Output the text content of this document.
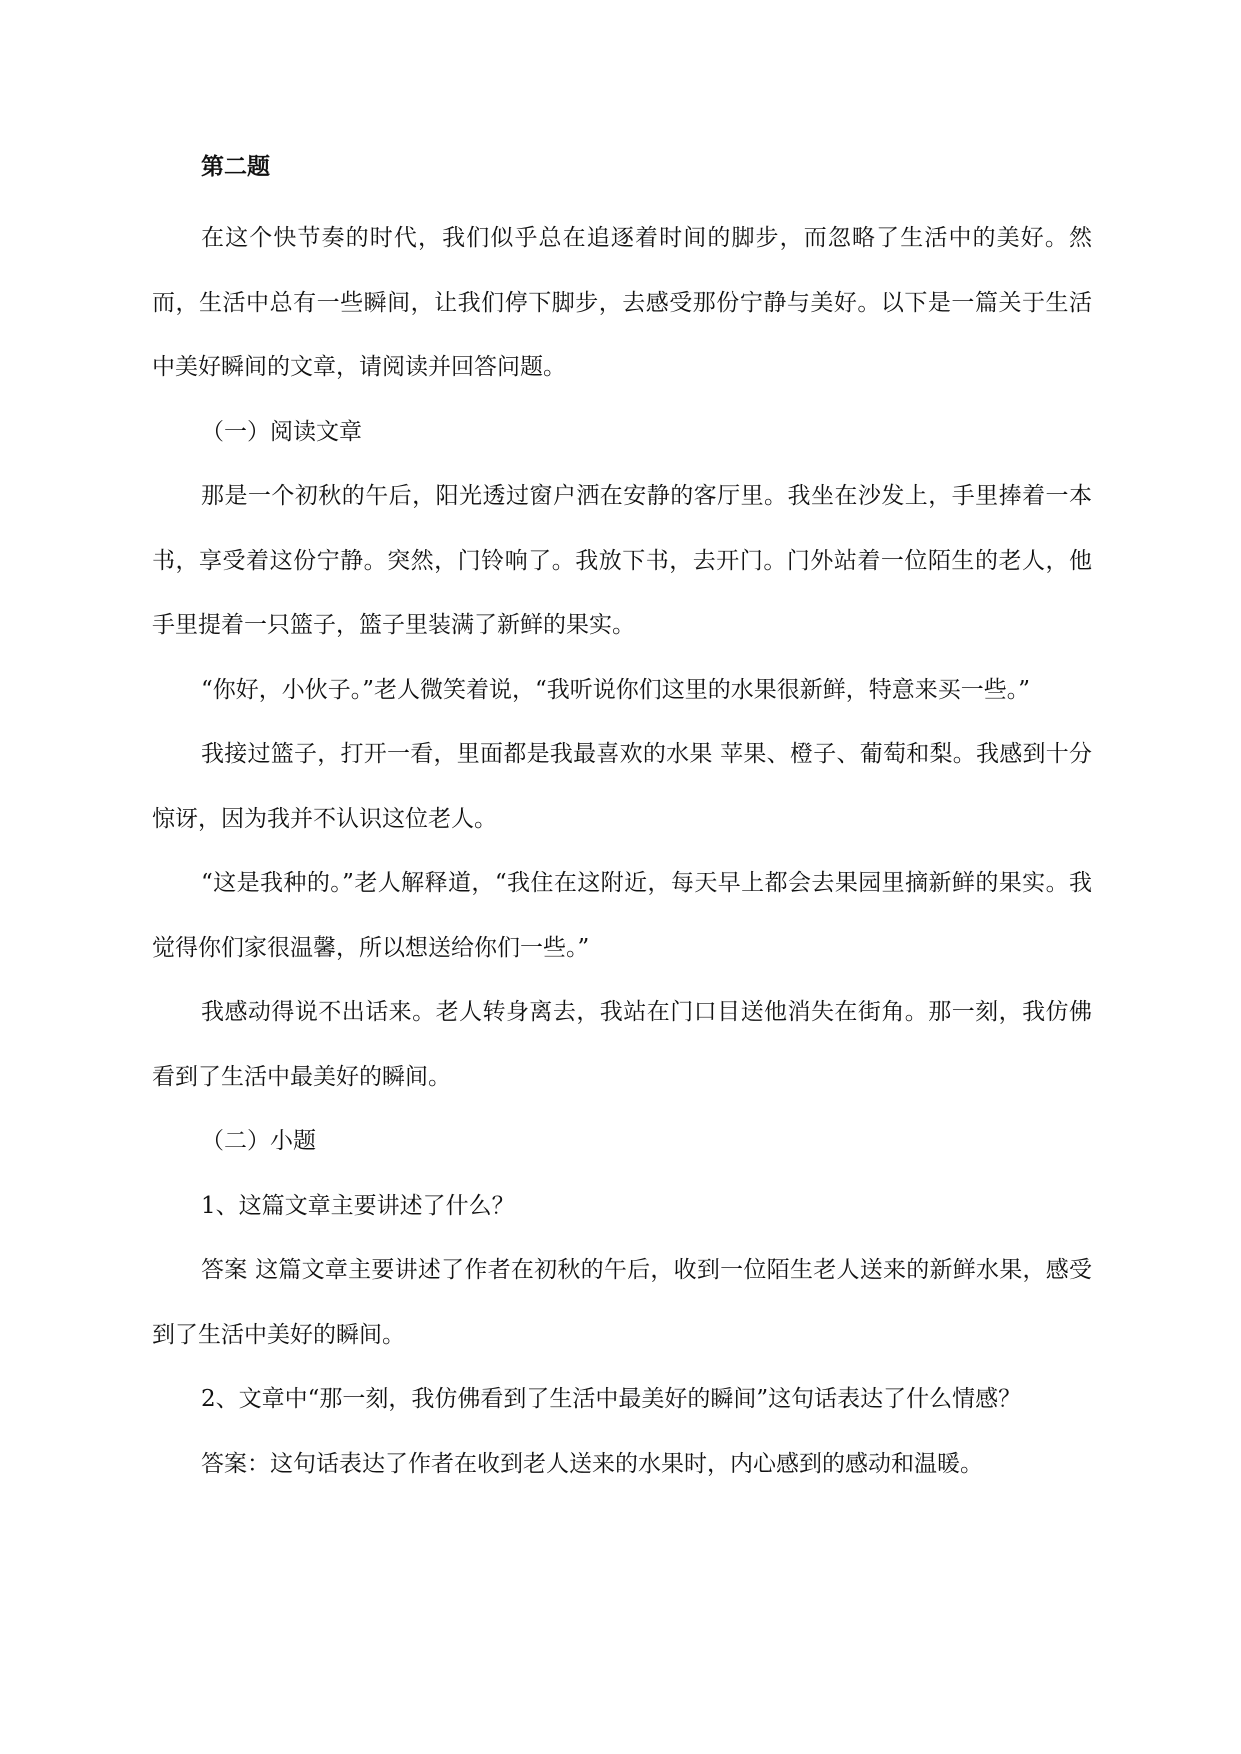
第二题

在这个快节奏的时代，我们似乎总在追逐着时间的脚步，而忽略了生活中的美好。然而，生活中总有一些瞬间，让我们停下脚步，去感受那份宁静与美好。以下是一篇关于生活中美好瞬间的文章，请阅读并回答问题。

（一）阅读文章

那是一个初秋的午后，阳光透过窗户洒在安静的客厅里。我坐在沙发上，手里捧着一本书，享受着这份宁静。突然，门铃响了。我放下书，去开门。门外站着一位陌生的老人，他手里提着一只篮子，篮子里装满了新鲜的果实。

“你好，小伙子。”老人微笑着说，“我听说你们这里的水果很新鲜，特意来买一些。”

我接过篮子，打开一看，里面都是我最喜欢的水果 苹果、橙子、葡萄和梨。我感到十分惊讶，因为我并不认识这位老人。

“这是我种的。”老人解释道，“我住在这附近，每天早上都会去果园里摘新鲜的果实。我觉得你们家很温馨，所以想送给你们一些。”

我感动得说不出话来。老人转身离去，我站在门口目送他消失在街角。那一刻，我仿佛看到了生活中最美好的瞬间。

（二）小题

1、这篇文章主要讲述了什么？

答案 这篇文章主要讲述了作者在初秋的午后，收到一位陌生老人送来的新鲜水果，感受到了生活中美好的瞬间。

2、文章中“那一刻，我仿佛看到了生活中最美好的瞬间”这句话表达了什么情感？

答案：这句话表达了作者在收到老人送来的水果时，内心感到的感动和温暖。
